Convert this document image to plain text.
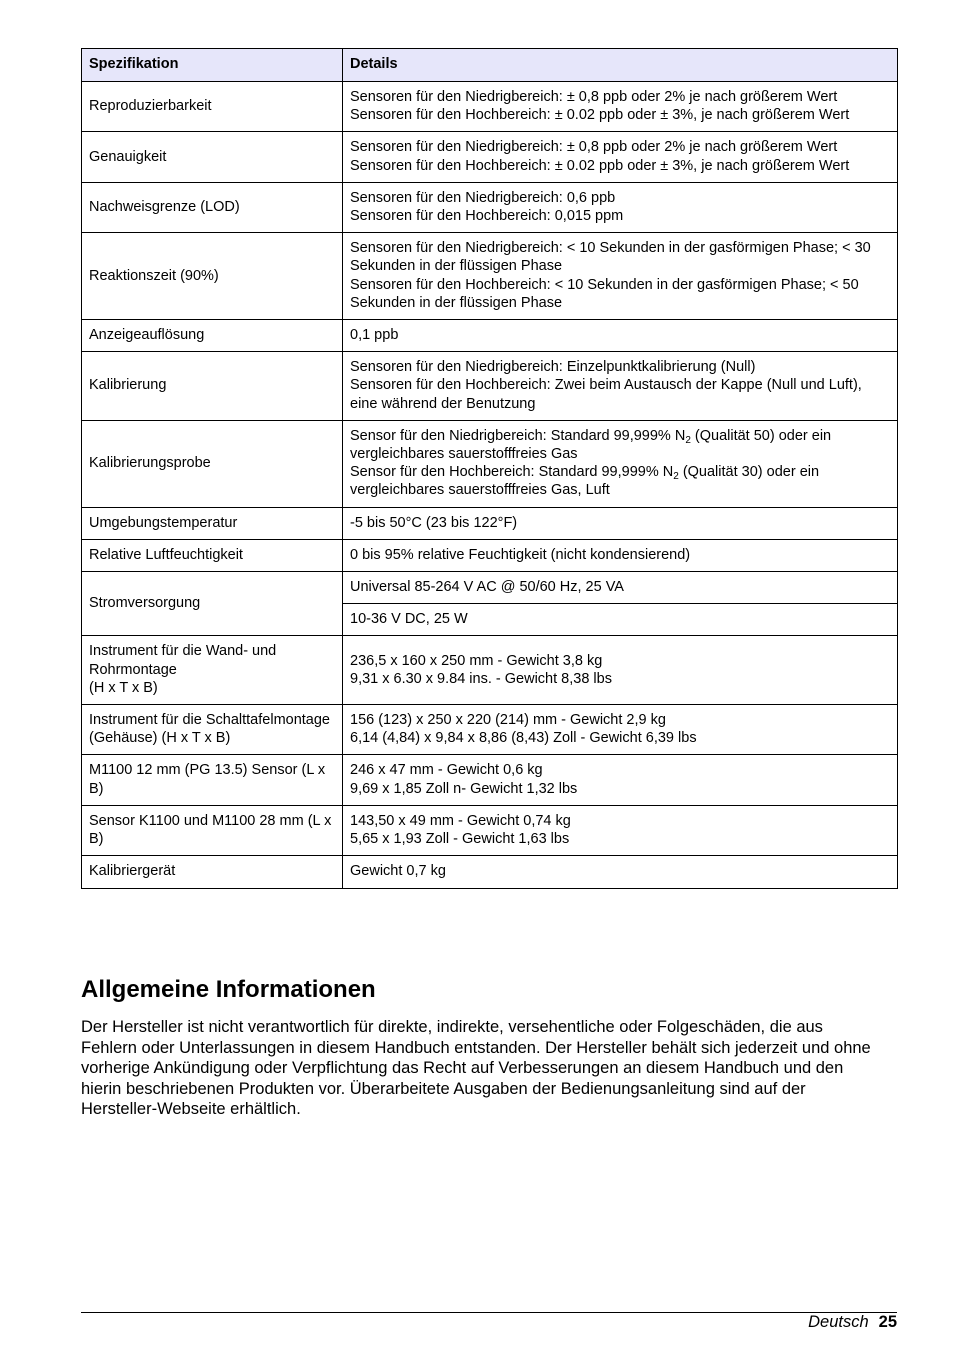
Spezifikation	Details
Reproduzierbarkeit	Sensoren für den Niedrigbereich: ± 0,8 ppb oder 2% je nach größerem Wert
Sensoren für den Hochbereich: ± 0.02 ppb oder ± 3%, je nach größerem Wert

Genauigkeit	Sensoren für den Niedrigbereich: ± 0,8 ppb oder 2% je nach größerem Wert
Sensoren für den Hochbereich: ± 0.02 ppb oder ± 3%, je nach größerem Wert

Nachweisgrenze (LOD)	Sensoren für den Niedrigbereich: 0,6 ppb
Sensoren für den Hochbereich: 0,015 ppm

Reaktionszeit (90%)	Sensoren für den Niedrigbereich: < 10 Sekunden in der gasförmigen Phase; < 30 Sekunden in der flüssigen Phase
Sensoren für den Hochbereich: < 10 Sekunden in der gasförmigen Phase; < 50 Sekunden in der flüssigen Phase

Anzeigeauflösung	0,1 ppb
Kalibrierung	Sensoren für den Niedrigbereich: Einzelpunktkalibrierung (Null)
Sensoren für den Hochbereich: Zwei beim Austausch der Kappe (Null und Luft), eine während der Benutzung

Kalibrierungsprobe	Sensor für den Niedrigbereich: Standard 99,999% $N_2$ (Qualität 50) oder ein vergleichbares sauerstofffreies Gas
Sensor für den Hochbereich: Standard 99,999% $N_2$ (Qualität 30) oder ein vergleichbares sauerstofffreies Gas, Luft

Umgebungstemperatur	-5 bis 50°C (23 bis 122°F)
Relative Luftfeuchtigkeit	0 bis 95% relative Feuchtigkeit (nicht kondensierend)
Stromversorgung	Universal 85-264 V AC @ 50/60 Hz, 25 VA
	10-36 V DC, 25 W

Instrument für die Wand- und Rohrmontage
(H x T x B)	236,5 x 160 x 250 mm - Gewicht 3,8 kg
9,31 x 6.30 x 9.84 ins. - Gewicht 8,38 lbs

Instrument für die Schalttafelmontage
(Gehäuse) (H x T x B)	156 (123) x 250 x 220 (214) mm - Gewicht 2,9 kg
6,14 (4,84) x 9,84 x 8,86 (8,43) Zoll - Gewicht 6,39 lbs

M1100 12 mm (PG 13.5) Sensor (L x B)	246 x 47 mm - Gewicht 0,6 kg
9,69 x 1,85 Zoll n- Gewicht 1,32 lbs

Sensor K1100 und M1100 28 mm (L x B)	143,50 x 49 mm - Gewicht 0,74 kg
5,65 x 1,93 Zoll - Gewicht 1,63 lbs

Kalibriergerät	Gewicht 0,7 kg
Allgemeine Informationen

Der Hersteller ist nicht verantwortlich für direkte, indirekte, versehentliche oder Folgeschäden, die aus Fehlern oder Unterlassungen in diesem Handbuch entstanden. Der Hersteller behält sich jederzeit und ohne vorherige Ankündigung oder Verpflichtung das Recht auf Verbesserungen an diesem Handbuch und den hierin beschriebenen Produkten vor. Überarbeitete Ausgaben der Bedienungsanleitung sind auf der Hersteller-Webseite erhältlich.

Deutsch 25
